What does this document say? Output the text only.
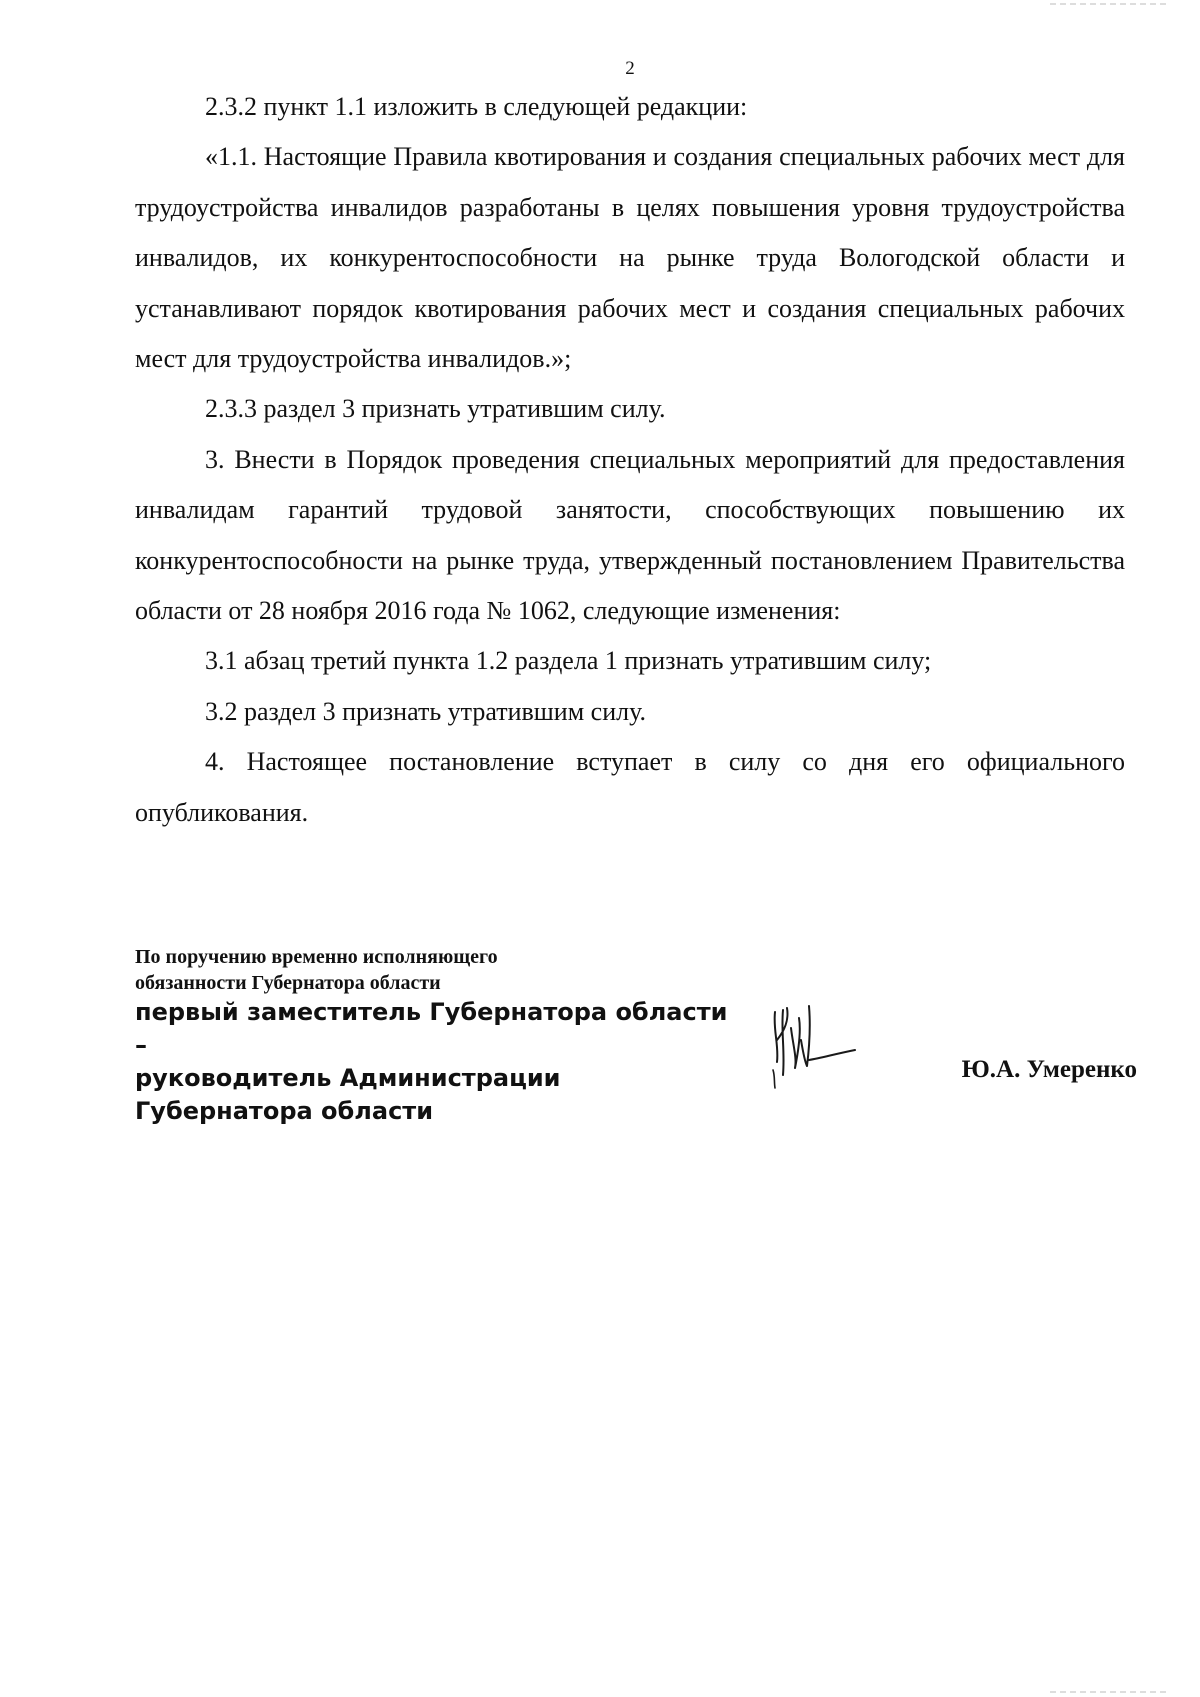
2

2.3.2 пункт 1.1 изложить в следующей редакции:

«1.1. Настоящие Правила квотирования и создания специальных рабочих мест для трудоустройства инвалидов разработаны в целях повышения уровня трудоустройства инвалидов, их конкурентоспособности на рынке труда Вологодской области и устанавливают порядок квотирования рабочих мест и создания специальных рабочих мест для трудоустройства инвалидов.»;

2.3.3 раздел 3 признать утратившим силу.

3. Внести в Порядок проведения специальных мероприятий для предоставления инвалидам гарантий трудовой занятости, способствующих повышению их конкурентоспособности на рынке труда, утвержденный постановлением Правительства области от 28 ноября 2016 года № 1062, следующие изменения:

3.1 абзац третий пункта 1.2 раздела 1 признать утратившим силу;

3.2 раздел 3 признать утратившим силу.

4. Настоящее постановление вступает в силу со дня его официального опубликования.

По поручению временно исполняющего
обязанности Губернатора области
первый заместитель Губернатора области –
руководитель Администрации
Губернатора области
Ю.А. Умеренко
